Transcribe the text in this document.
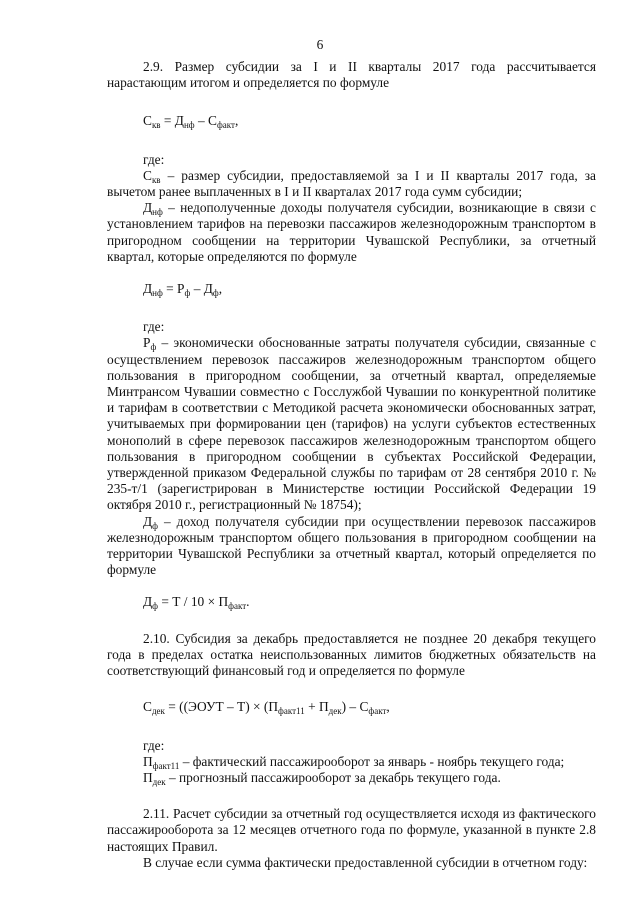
6

2.9. Размер субсидии за I и II кварталы 2017 года рассчитывается нарастающим итогом и определяется по формуле

$С_{кв} = Д_{нф} - С_{факт}$,

где:

$С_{кв}$ – размер субсидии, предоставляемой за I и II кварталы 2017 года, за вычетом ранее выплаченных в I и II кварталах 2017 года сумм субсидии;

$Д_{нф}$ – недополученные доходы получателя субсидии, возникающие в связи с установлением тарифов на перевозки пассажиров железнодорожным транспортом в пригородном сообщении на территории Чувашской Республики, за отчетный квартал, которые определяются по формуле

$Д_{нф} = Р_ф - Д_ф$,

где:

$Р_ф$ – экономически обоснованные затраты получателя субсидии, связанные с осуществлением перевозок пассажиров железнодорожным транспортом общего пользования в пригородном сообщении, за отчетный квартал, определяемые Минтрансом Чувашии совместно с Госслужбой Чувашии по конкурентной политике и тарифам в соответствии с Методикой расчета экономически обоснованных затрат, учитываемых при формировании цен (тарифов) на услуги субъектов естественных монополий в сфере перевозок пассажиров железнодорожным транспортом общего пользования в пригородном сообщении в субъектах Российской Федерации, утвержденной приказом Федеральной службы по тарифам от 28 сентября 2010 г. № 235-т/1 (зарегистрирован в Министерстве юстиции Российской Федерации 19 октября 2010 г., регистрационный № 18754);

$Д_ф$ – доход получателя субсидии при осуществлении перевозок пассажиров железнодорожным транспортом общего пользования в пригородном сообщении на территории Чувашской Республики за отчетный квартал, который определяется по формуле

$Д_ф = Т / 10 \times П_{факт}$.

2.10. Субсидия за декабрь предоставляется не позднее 20 декабря текущего года в пределах остатка неиспользованных лимитов бюджетных обязательств на соответствующий финансовый год и определяется по формуле

$С_{дек}$ = ((ЭОУТ – $Т) \times (П_{факт11} + П_{дек}) - С_{факт}$,

где:

$П_{факт11}$ – фактический пассажирооборот за январь - ноябрь текущего года;

$П_{дек}$ – прогнозный пассажирооборот за декабрь текущего года.

2.11. Расчет субсидии за отчетный год осуществляется исходя из фактического пассажирооборота за 12 месяцев отчетного года по формуле, указанной в пункте 2.8 настоящих Правил.

В случае если сумма фактически предоставленной субсидии в отчетном году:
